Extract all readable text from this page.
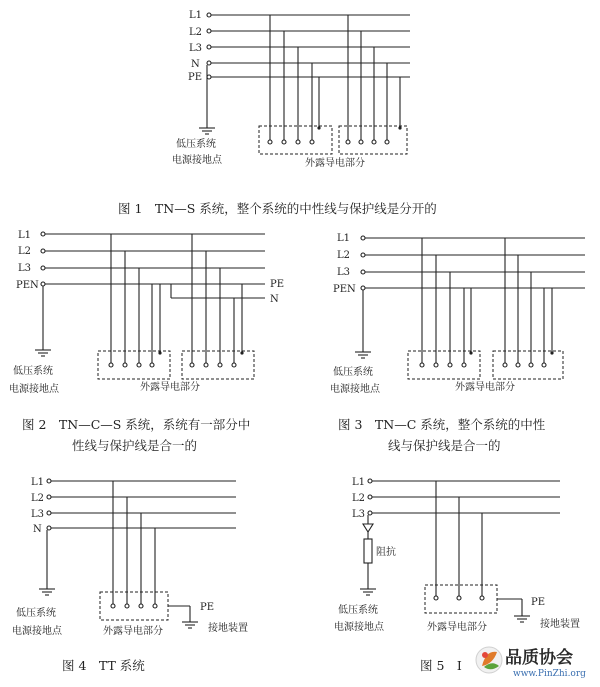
L1
L2
L3
N
PE
低压系统
电源接地点	外露导电部分
图 1　TN—S 系统，整个系统的中性线与保护线是分开的
L1
L2
L3
PEN	PE
N
低压系统
电源接地点	外露导电部分
图 2　TN—C—S 系统，系统有一部分中
性线与保护线是合一的
L1
L2
L3
PEN
低压系统
电源接地点	外露导电部分
图 3　TN—C 系统，整个系统的中性
线与保护线是合一的
L1
L2
L3
N
低压系统
电源接地点
PE
接地装置
外露导电部分
图 4　TT 系统
L1
L2
L3
阻抗
低压系统
电源接地点
PE
接地装置
外露导电部分
图 5　I	品质协会
www.PinZhi.org
